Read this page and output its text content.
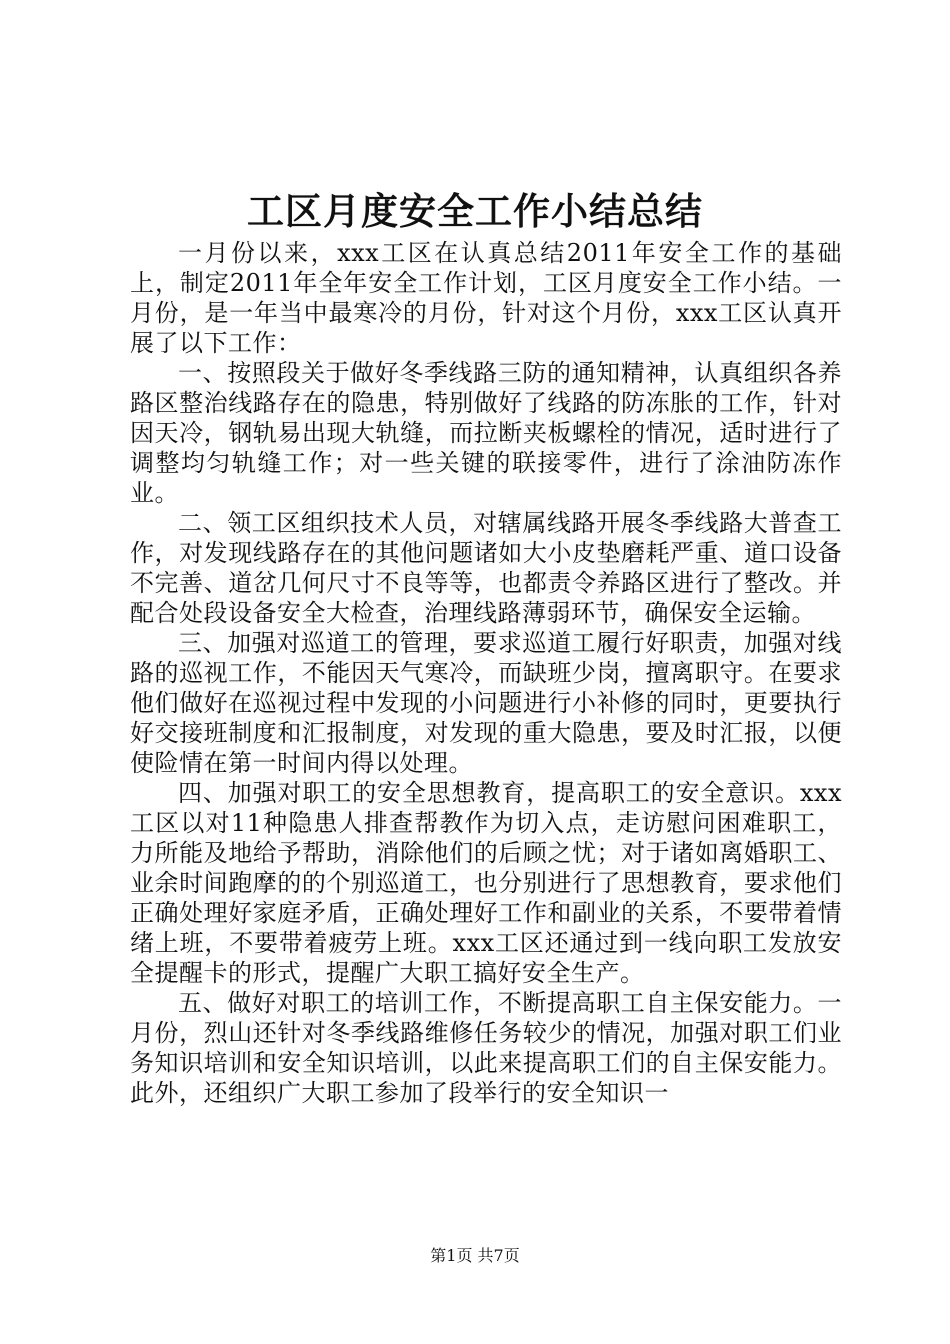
工区月度安全工作小结总结

一月份以来，xxx工区在认真总结2011年安全工作的基础上，制定2011年全年安全工作计划，工区月度安全工作小结。一月份，是一年当中最寒冷的月份，针对这个月份，xxx工区认真开展了以下工作：

一、按照段关于做好冬季线路三防的通知精神，认真组织各养路区整治线路存在的隐患，特别做好了线路的防冻胀的工作，针对因天冷，钢轨易出现大轨缝，而拉断夹板螺栓的情况，适时进行了调整均匀轨缝工作；对一些关键的联接零件，进行了涂油防冻作业。

二、领工区组织技术人员，对辖属线路开展冬季线路大普查工作，对发现线路存在的其他问题诸如大小皮垫磨耗严重、道口设备不完善、道岔几何尺寸不良等等，也都责令养路区进行了整改。并配合处段设备安全大检查，治理线路薄弱环节，确保安全运输。

三、加强对巡道工的管理，要求巡道工履行好职责，加强对线路的巡视工作，不能因天气寒冷，而缺班少岗，擅离职守。在要求他们做好在巡视过程中发现的小问题进行小补修的同时，更要执行好交接班制度和汇报制度，对发现的重大隐患，要及时汇报，以便使险情在第一时间内得以处理。

四、加强对职工的安全思想教育，提高职工的安全意识。xxx工区以对11种隐患人排查帮教作为切入点，走访慰问困难职工，力所能及地给予帮助，消除他们的后顾之忧；对于诸如离婚职工、业余时间跑摩的的个别巡道工，也分别进行了思想教育，要求他们正确处理好家庭矛盾，正确处理好工作和副业的关系，不要带着情绪上班，不要带着疲劳上班。xxx工区还通过到一线向职工发放安全提醒卡的形式，提醒广大职工搞好安全生产。

五、做好对职工的培训工作，不断提高职工自主保安能力。一月份，烈山还针对冬季线路维修任务较少的情况，加强对职工们业务知识培训和安全知识培训，以此来提高职工们的自主保安能力。此外，还组织广大职工参加了段举行的安全知识一

第1页 共7页
